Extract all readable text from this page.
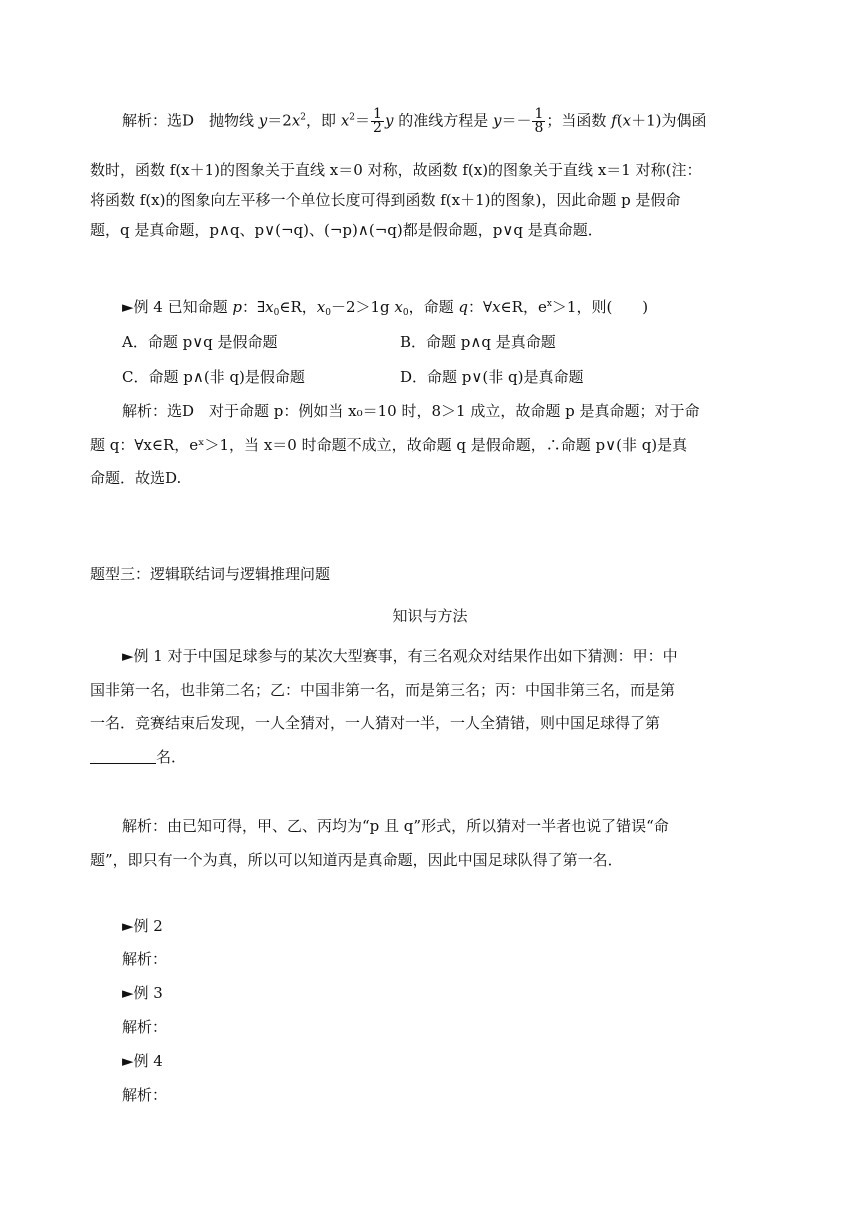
解析：选D　抛物线 $y=2x^2$，即 $x^2= \frac{1}{2}$ y 的准线方程是 $y=- \frac{1}{8}$ ；当函数 f(x＋1)为偶函
数时，函数 f(x＋1)的图象关于直线 x＝0 对称，故函数 f(x)的图象关于直线 x＝1 对称(注：
将函数 f(x)的图象向左平移一个单位长度可得到函数 f(x＋1)的图象)，因此命题 p 是假命
题，q 是真命题，p∧q、p∨(¬q)、(¬p)∧(¬q)都是假命题，p∨q 是真命题．
►例 4 已知命题 p：$\exists x_0\in R$，$x_0-2>1g$ $x_0$，命题 q：∀x∈R，$e^x>1$，则(　　)
A．命题 p∨q 是假命题	B．命题 p∧q 是真命题
C．命题 p∧(非 q)是假命题	D．命题 p∨(非 q)是真命题
解析：选D　对于命题 p：例如当 x₀＝10 时，8＞1 成立，故命题 p 是真命题；对于命
题 q：∀x∈R，eˣ＞1，当 x＝0 时命题不成立，故命题 q 是假命题，∴命题 p∨(非 q)是真
命题．故选D.
题型三：逻辑联结词与逻辑推理问题
知识与方法
►例 1 对于中国足球参与的某次大型赛事，有三名观众对结果作出如下猜测：甲：中
国非第一名，也非第二名；乙：中国非第一名，而是第三名；丙：中国非第三名，而是第
一名．竞赛结束后发现，一人全猜对，一人猜对一半，一人全猜错，则中国足球得了第
名．
解析：由已知可得，甲、乙、丙均为“p 且 q”形式，所以猜对一半者也说了错误“命
题”，即只有一个为真，所以可以知道丙是真命题，因此中国足球队得了第一名．
►例 2
解析：
►例 3
解析：
►例 4
解析：
